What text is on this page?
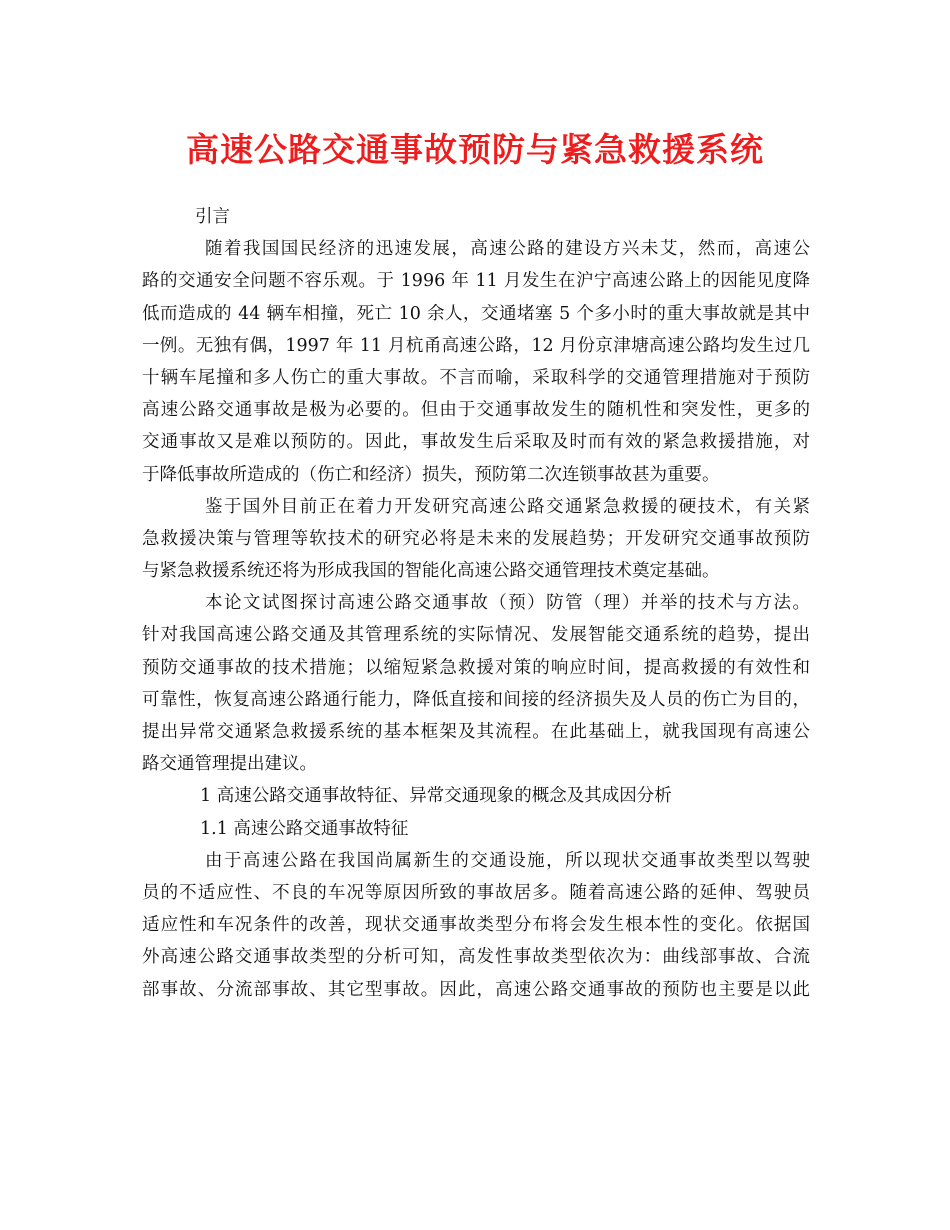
高速公路交通事故预防与紧急救援系统
引言
随着我国国民经济的迅速发展，高速公路的建设方兴未艾，然而，高速公
路的交通安全问题不容乐观。于 1996 年 11 月发生在沪宁高速公路上的因能见度降
低而造成的 44 辆车相撞，死亡 10 余人，交通堵塞 5 个多小时的重大事故就是其中
一例。无独有偶，1997 年 11 月杭甬高速公路，12 月份京津塘高速公路均发生过几
十辆车尾撞和多人伤亡的重大事故。不言而喻，采取科学的交通管理措施对于预防
高速公路交通事故是极为必要的。但由于交通事故发生的随机性和突发性，更多的
交通事故又是难以预防的。因此，事故发生后采取及时而有效的紧急救援措施，对
于降低事故所造成的（伤亡和经济）损失，预防第二次连锁事故甚为重要。
鉴于国外目前正在着力开发研究高速公路交通紧急救援的硬技术，有关紧
急救援决策与管理等软技术的研究必将是未来的发展趋势；开发研究交通事故预防
与紧急救援系统还将为形成我国的智能化高速公路交通管理技术奠定基础。
本论文试图探讨高速公路交通事故（预）防管（理）并举的技术与方法。
针对我国高速公路交通及其管理系统的实际情况、发展智能交通系统的趋势，提出
预防交通事故的技术措施；以缩短紧急救援对策的响应时间，提高救援的有效性和
可靠性，恢复高速公路通行能力，降低直接和间接的经济损失及人员的伤亡为目的，
提出异常交通紧急救援系统的基本框架及其流程。在此基础上，就我国现有高速公
路交通管理提出建议。
1 高速公路交通事故特征、异常交通现象的概念及其成因分析
1.1 高速公路交通事故特征
由于高速公路在我国尚属新生的交通设施，所以现状交通事故类型以驾驶
员的不适应性、不良的车况等原因所致的事故居多。随着高速公路的延伸、驾驶员
适应性和车况条件的改善，现状交通事故类型分布将会发生根本性的变化。依据国
外高速公路交通事故类型的分析可知，高发性事故类型依次为：曲线部事故、合流
部事故、分流部事故、其它型事故。因此，高速公路交通事故的预防也主要是以此
